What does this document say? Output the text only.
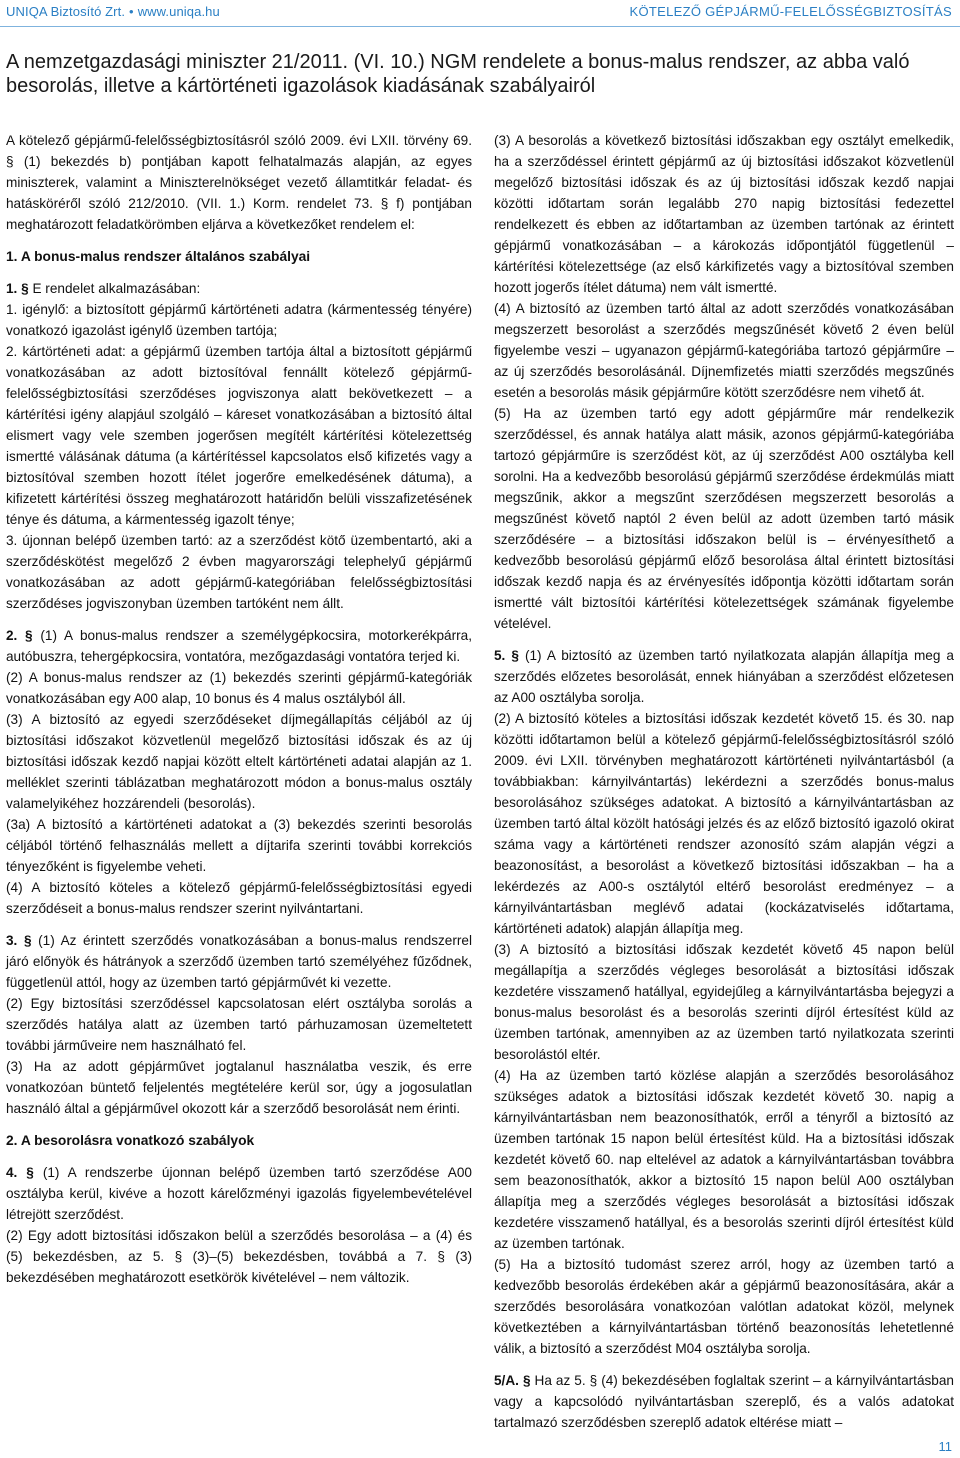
UNIQA Biztosító Zrt. • www.uniqa.hu	KÖTELEZŐ GÉPJÁRMŰ-FELELŐSSÉGBIZTOSÍTÁS
A nemzetgazdasági miniszter 21/2011. (VI. 10.) NGM rendelete a bonus-malus rendszer, az abba való besorolás, illetve a kártörténeti igazolások kiadásának szabályairól

A kötelező gépjármű-felelősségbiztosításról szóló 2009. évi LXII. törvény 69. § (1) bekezdés b) pontjában kapott felhatalmazás alapján, az egyes miniszterek, valamint a Miniszterelnökséget vezető államtitkár feladat- és hatásköréről szóló 212/2010. (VII. 1.) Korm. rendelet 73. § f) pontjában meghatározott feladatkörömben eljárva a következőket rendelem el:

1. A bonus-malus rendszer általános szabályai

1. § E rendelet alkalmazásában:

1. igénylő: a biztosított gépjármű kártörténeti adatra (kármentesség tényére) vonatkozó igazolást igénylő üzemben tartója;

2. kártörténeti adat: a gépjármű üzemben tartója által a biztosított gépjármű vonatkozásában az adott biztosítóval fennállt kötelező gépjármű-felelősségbiztosítási szerződéses jogviszonya alatt bekövetkezett – a kártérítési igény alapjául szolgáló – káreset vonatkozásában a biztosító által elismert vagy vele szemben jogerősen megítélt kártérítési kötelezettség ismertté válásának dátuma (a kártérítéssel kapcsolatos első kifizetés vagy a biztosítóval szemben hozott ítélet jogerőre emelkedésének dátuma), a kifizetett kártérítési összeg meghatározott határidőn belüli visszafizetésének ténye és dátuma, a kármentesség igazolt ténye;

3. újonnan belépő üzemben tartó: az a szerződést kötő üzembentartó, aki a szerződéskötést megelőző 2 évben magyarországi telephelyű gépjármű vonatkozásában az adott gépjármű-kategóriában felelősségbiztosítási szerződéses jogviszonyban üzemben tartóként nem állt.

2. § (1) A bonus-malus rendszer a személygépkocsira, motorkerékpárra, autóbuszra, tehergépkocsira, vontatóra, mezőgazdasági vontatóra terjed ki.

(2) A bonus-malus rendszer az (1) bekezdés szerinti gépjármű-kategóriák vonatkozásában egy A00 alap, 10 bonus és 4 malus osztályból áll.

(3) A biztosító az egyedi szerződéseket díjmegállapítás céljából az új biztosítási időszakot közvetlenül megelőző biztosítási időszak és az új biztosítási időszak kezdő napjai között eltelt kártörténeti adatai alapján az 1. melléklet szerinti táblázatban meghatározott módon a bonus-malus osztály valamelyikéhez hozzárendeli (besorolás).

(3a) A biztosító a kártörténeti adatokat a (3) bekezdés szerinti besorolás céljából történő felhasználás mellett a díjtarifa szerinti további korrekciós tényezőként is figyelembe veheti.

(4) A biztosító köteles a kötelező gépjármű-felelősségbiztosítási egyedi szerződéseit a bonus-malus rendszer szerint nyilvántartani.

3. § (1) Az érintett szerződés vonatkozásában a bonus-malus rendszerrel járó előnyök és hátrányok a szerződő üzemben tartó személyéhez fűződnek, függetlenül attól, hogy az üzemben tartó gépjárművét ki vezette.

(2) Egy biztosítási szerződéssel kapcsolatosan elért osztályba sorolás a szerződés hatálya alatt az üzemben tartó párhuzamosan üzemeltetett további járműveire nem használható fel.

(3) Ha az adott gépjárművet jogtalanul használatba veszik, és erre vonatkozóan büntető feljelentés megtételére kerül sor, úgy a jogosulatlan használó által a gépjárművel okozott kár a szerződő besorolását nem érinti.

2. A besorolásra vonatkozó szabályok

4. § (1) A rendszerbe újonnan belépő üzemben tartó szerződése A00 osztályba kerül, kivéve a hozott kárelőzményi igazolás figyelembevételével létrejött szerződést.

(2) Egy adott biztosítási időszakon belül a szerződés besorolása – a (4) és (5) bekezdésben, az 5. § (3)–(5) bekezdésben, továbbá a 7. § (3) bekezdésében meghatározott esetkörök kivételével – nem változik.

(3) A besorolás a következő biztosítási időszakban egy osztályt emelkedik, ha a szerződéssel érintett gépjármű az új biztosítási időszakot közvetlenül megelőző biztosítási időszak és az új biztosítási időszak kezdő napjai közötti időtartam során legalább 270 napig biztosítási fedezettel rendelkezett és ebben az időtartamban az üzemben tartónak az érintett gépjármű vonatkozásában – a károkozás időpontjától függetlenül – kártérítési kötelezettsége (az első kárkifizetés vagy a biztosítóval szemben hozott jogerős ítélet dátuma) nem vált ismertté.

(4) A biztosító az üzemben tartó által az adott szerződés vonatkozásában megszerzett besorolást a szerződés megszűnését követő 2 éven belül figyelembe veszi – ugyanazon gépjármű-kategóriába tartozó gépjárműre – az új szerződés besorolásánál. Díjnemfizetés miatti szerződés megszűnés esetén a besorolás másik gépjárműre kötött szerződésre nem vihető át.

(5) Ha az üzemben tartó egy adott gépjárműre már rendelkezik szerződéssel, és annak hatálya alatt másik, azonos gépjármű-kategóriába tartozó gépjárműre is szerződést köt, az új szerződést A00 osztályba kell sorolni. Ha a kedvezőbb besorolású gépjármű szerződése érdekmúlás miatt megszűnik, akkor a megszűnt szerződésen megszerzett besorolás a megszűnést követő naptól 2 éven belül az adott üzemben tartó másik szerződésére – a biztosítási időszakon belül is – érvényesíthető a kedvezőbb besorolású gépjármű előző besorolása által érintett biztosítási időszak kezdő napja és az érvényesítés időpontja közötti időtartam során ismertté vált biztosítói kártérítési kötelezettségek számának figyelembe vételével.

5. § (1) A biztosító az üzemben tartó nyilatkozata alapján állapítja meg a szerződés előzetes besorolását, ennek hiányában a szerződést előzetesen az A00 osztályba sorolja.

(2) A biztosító köteles a biztosítási időszak kezdetét követő 15. és 30. nap közötti időtartamon belül a kötelező gépjármű-felelősségbiztosításról szóló 2009. évi LXII. törvényben meghatározott kártörténeti nyilvántartásból (a továbbiakban: kárnyilvántartás) lekérdezni a szerződés bonus-malus besorolásához szükséges adatokat. A biztosító a kárnyilvántartásban az üzemben tartó által közölt hatósági jelzés és az előző biztosító igazoló okirat száma vagy a kártörténeti rendszer azonosító szám alapján végzi a beazonosítást, a besorolást a következő biztosítási időszakban – ha a lekérdezés az A00-s osztálytól eltérő besorolást eredményez – a kárnyilvántartásban meglévő adatai (kockázatviselés időtartama, kártörténeti adatok) alapján állapítja meg.

(3) A biztosító a biztosítási időszak kezdetét követő 45 napon belül megállapítja a szerződés végleges besorolását a biztosítási időszak kezdetére visszamenő hatállyal, egyidejűleg a kárnyilvántartásba bejegyzi a bonus-malus besorolást és a besorolás szerinti díjról értesítést küld az üzemben tartónak, amennyiben az az üzemben tartó nyilatkozata szerinti besorolástól eltér.

(4) Ha az üzemben tartó közlése alapján a szerződés besorolásához szükséges adatok a biztosítási időszak kezdetét követő 30. napig a kárnyilvántartásban nem beazonosíthatók, erről a tényről a biztosító az üzemben tartónak 15 napon belül értesítést küld. Ha a biztosítási időszak kezdetét követő 60. nap eltelével az adatok a kárnyilvántartásban továbbra sem beazonosíthatók, akkor a biztosító 15 napon belül A00 osztályban állapítja meg a szerződés végleges besorolását a biztosítási időszak kezdetére visszamenő hatállyal, és a besorolás szerinti díjról értesítést küld az üzemben tartónak.

(5) Ha a biztosító tudomást szerez arról, hogy az üzemben tartó a kedvezőbb besorolás érdekében akár a gépjármű beazonosítására, akár a szerződés besorolására vonatkozóan valótlan adatokat közöl, melynek következtében a kárnyilvántartásban történő beazonosítás lehetetlenné válik, a biztosító a szerződést M04 osztályba sorolja.

5/A. § Ha az 5. § (4) bekezdésében foglaltak szerint – a kárnyilvántartásban vagy a kapcsolódó nyilvántartásban szereplő, és a valós adatokat tartalmazó szerződésben szereplő adatok eltérése miatt –

11
